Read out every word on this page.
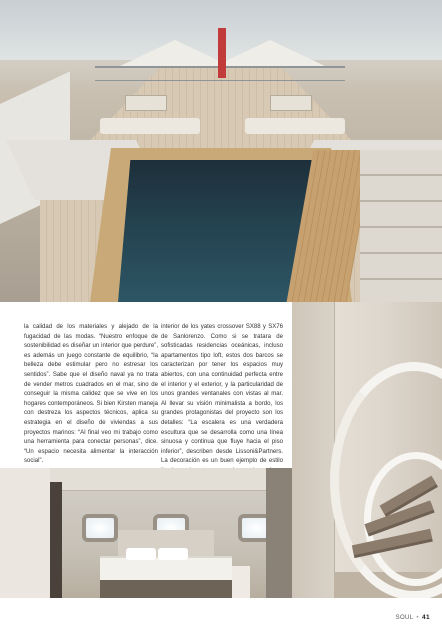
la calidad de los materiales y alejado de la fugacidad de las modas. “Nuestro enfoque de sostenibilidad es diseñar un interior que perdure”, es además un juego constante de equilibrio, “la belleza debe estimular pero no estresar los sentidos”. Sabe que el diseño naval ya no trata de vender metros cuadrados en el mar, sino de conseguir la misma calidez que se vive en los hogares contemporáneos. Si bien Kirsten maneja con destreza los aspectos técnicos, aplica su estrategia en el diseño de viviendas a sus proyectos marinos: “Al final veo mi trabajo como una herramienta para conectar personas”, dice. “Un espacio necesita alimentar la interacción social”.

interior de los yates crossover SX88 y SX76 de Sanlorenzo. Como si se tratara de sofisticadas residencias oceánicas, incluso apartamentos tipo loft, estos dos barcos se caracterizan por tener los espacios muy abiertos, con una continuidad perfecta entre el interior y el exterior, y la particularidad de unos grandes ventanales con vistas al mar. Al llevar su visión minimalista a bordo, los grandes protagonistas del proyecto son los detalles: “La escalera es una verdadera escultura que se desarrolla como una línea sinuosa y continua que fluye hacia el piso inferior”, describen desde Lissoni&Partners. La decoración es un buen ejemplo de estilo

SOUL • 41
